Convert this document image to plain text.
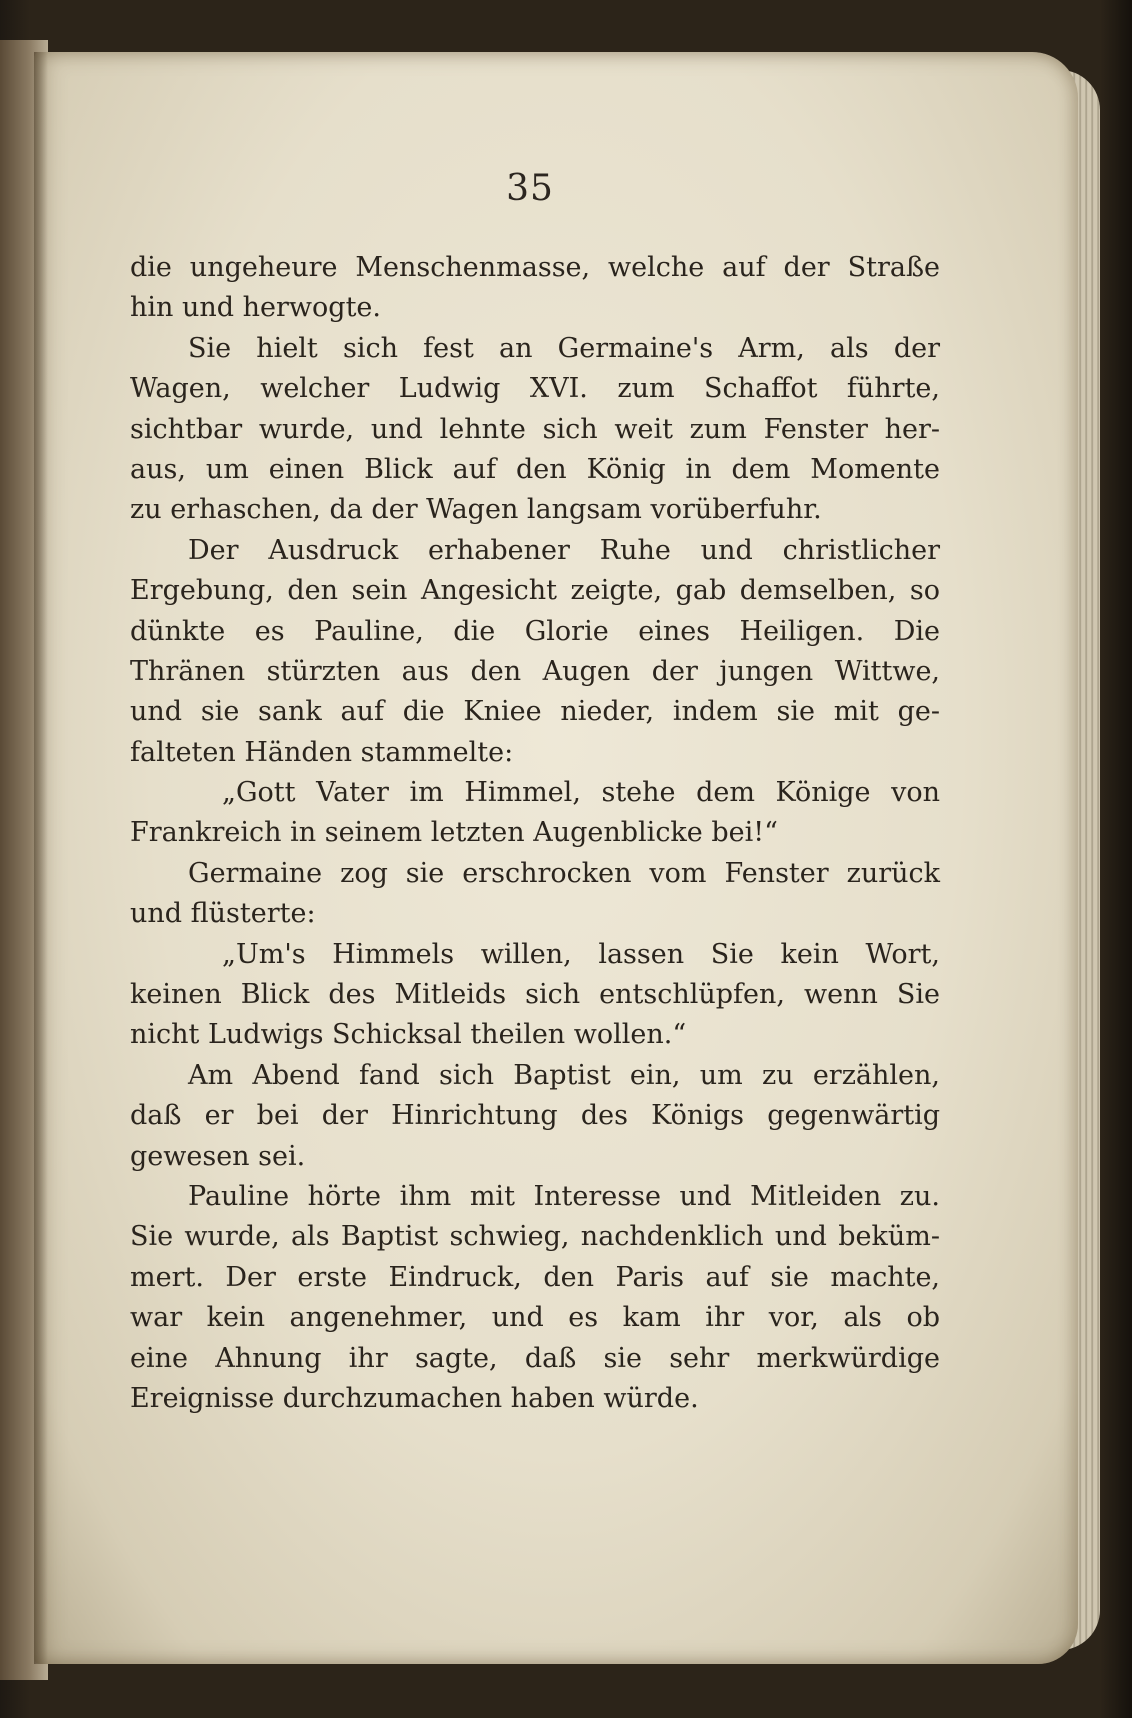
35
die ungeheure Menschenmasse, welche auf der Straße
hin und herwogte.
Sie hielt sich fest an Germaine's Arm, als der
Wagen, welcher Ludwig XVI. zum Schaffot führte,
sichtbar wurde, und lehnte sich weit zum Fenster her-
aus, um einen Blick auf den König in dem Momente
zu erhaschen, da der Wagen langsam vorüberfuhr.
Der Ausdruck erhabener Ruhe und christlicher
Ergebung, den sein Angesicht zeigte, gab demselben, so
dünkte es Pauline, die Glorie eines Heiligen. Die
Thränen stürzten aus den Augen der jungen Wittwe,
und sie sank auf die Kniee nieder, indem sie mit ge-
falteten Händen stammelte:
„Gott Vater im Himmel, stehe dem Könige von
Frankreich in seinem letzten Augenblicke bei!“
Germaine zog sie erschrocken vom Fenster zurück
und flüsterte:
„Um's Himmels willen, lassen Sie kein Wort,
keinen Blick des Mitleids sich entschlüpfen, wenn Sie
nicht Ludwigs Schicksal theilen wollen.“
Am Abend fand sich Baptist ein, um zu erzählen,
daß er bei der Hinrichtung des Königs gegenwärtig
gewesen sei.
Pauline hörte ihm mit Interesse und Mitleiden zu.
Sie wurde, als Baptist schwieg, nachdenklich und beküm-
mert. Der erste Eindruck, den Paris auf sie machte,
war kein angenehmer, und es kam ihr vor, als ob
eine Ahnung ihr sagte, daß sie sehr merkwürdige
Ereignisse durchzumachen haben würde.
